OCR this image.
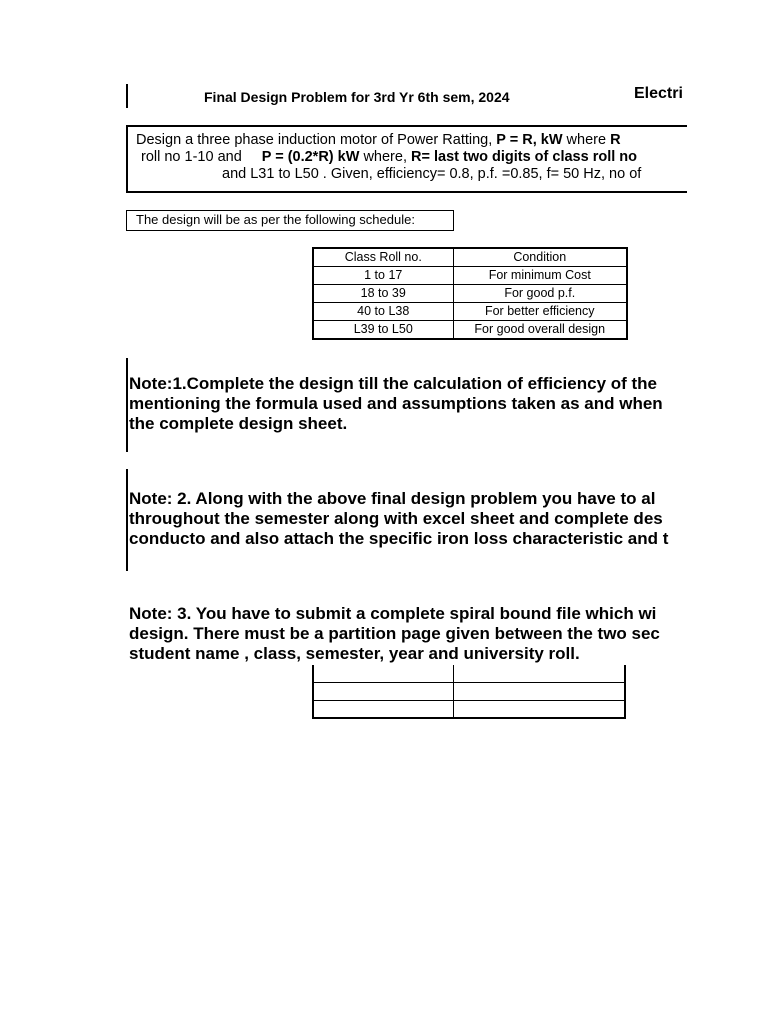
Final Design Problem for 3rd Yr 6th sem, 2024	Electri
Design a three phase induction motor of Power Ratting, P = R, kW where R
roll no 1-10 and P = (0.2*R) kW where, R= last two digits of class roll no
and L31 to L50 . Given, efficiency= 0.8, p.f. =0.85, f= 50 Hz, no of
The design will be as per the following schedule:
Class Roll no.	Condition
1 to 17	For minimum Cost
18 to 39	For good p.f.
40 to L38	For better efficiency
L39 to L50	For good overall design
Note:1.Complete the design till the calculation of efficiency of the
mentioning the formula used and assumptions taken as and when
the complete design sheet.
Note: 2. Along with the above final design problem you have to al
throughout the semester along with excel sheet and complete des
conducto and also attach the specific iron loss characteristic and t
Note: 3. You have to submit a complete spiral bound file which wi
design. There must be a partition page given between the two sec
student name , class, semester, year and university roll.
